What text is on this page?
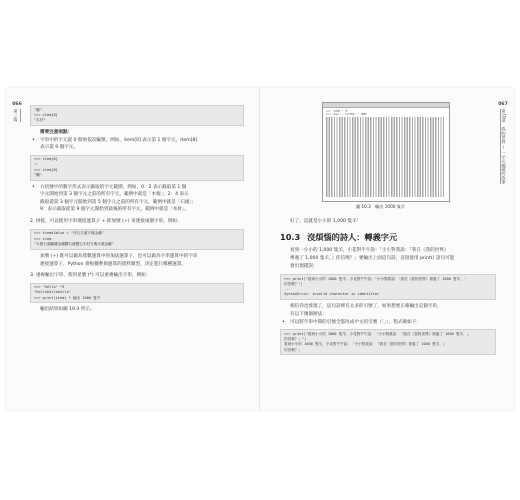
066
第二篇	"購"
>>> item[8]
"木材"
需要注意兩點：
• 字串中的字元從 0 開始依次編號，例如，item[0] 表示第 1 個字元，item[8]
表示第 9 個字元。
>>> item[0]
""
>>> item[8]
"購"
• 方括號中的數字形式表示截取的字元範圍，例如，0：2 表示截取第 1 個
字元開始到第 3 個字元之前的所有字元，範例中就是「木棍」；2：4 表示
截取從第 3 個字元開始到第 5 個字元之前的所有字元，範例中就是「石頭」；
9：表示截取從第 9 個字元開始到最後的所有字元，範例中就是「木材」。
2. 拼接，可以使用字串連接運算子 + 即加號 (+) 來連接兩個字串，例如：
>>> items2also = "斧石木頭方塊金礦"
>>> item
"木棍石頭鐵礦金礦鑽石綠寶石木材方塊木頭金礦"
加號 (+) 既可以做為算數運算中的加法運算子，也可以做為字串運算中的字串
連接運算子，Python 會根據參與運算的資料類型，決定進行哪種運算。
3. 重複輸出字串，使用星號 (*) 可以重複輸出字串，例如：
>>> "hello" *3
"hellohellohello"
>>> print(item) * 輸出 1000 隻羊
輸出結果如圖 10.3 所示。
067
第10章　我的世界 — 一字元編碼的故事
>>> "1000 * 羊"
>>> item = "\u7f8a" * 1000
圖 10.3　輸出 1000 隻羊
好了，這就是小小的 1,000 隻羊！
10.3 沒煩惱的詩人：轉義字元
看到一小小的 1,000 隻羊，小花對牛牛說：「小小對我說：『我在《我的世界》
裡養了 1,000 隻羊，』你信嗎？」要輸出上面這句話，直接使用 print() 語句可能
會出現錯誤：
>>> print("看到小小的 1000 隻羊，小花對牛牛說："小小對我說：'我在《我的世界》裡養了 1000 隻羊，'
你信嗎？")
...
SyntaxError: invalid character in identifier
相信你也發現了，這句話裡有太多的引號了，如果想要正確輸出這個字串，
有以下幾個辦法：
• 可以將字串中間的引號全都改成中文的引號（「」）。程式碼如下：
>>> print("看到小小的 1000 隻羊，小花對牛牛說：「小小對我說：『我在《我的世界》裡養了 1000 隻羊，』
你信嗎？」")
看到小小的 1000 隻羊，小花對牛牛說：「小小對我說：『我在《我的世界》裡養了 1000 隻羊，』
你信嗎？」
